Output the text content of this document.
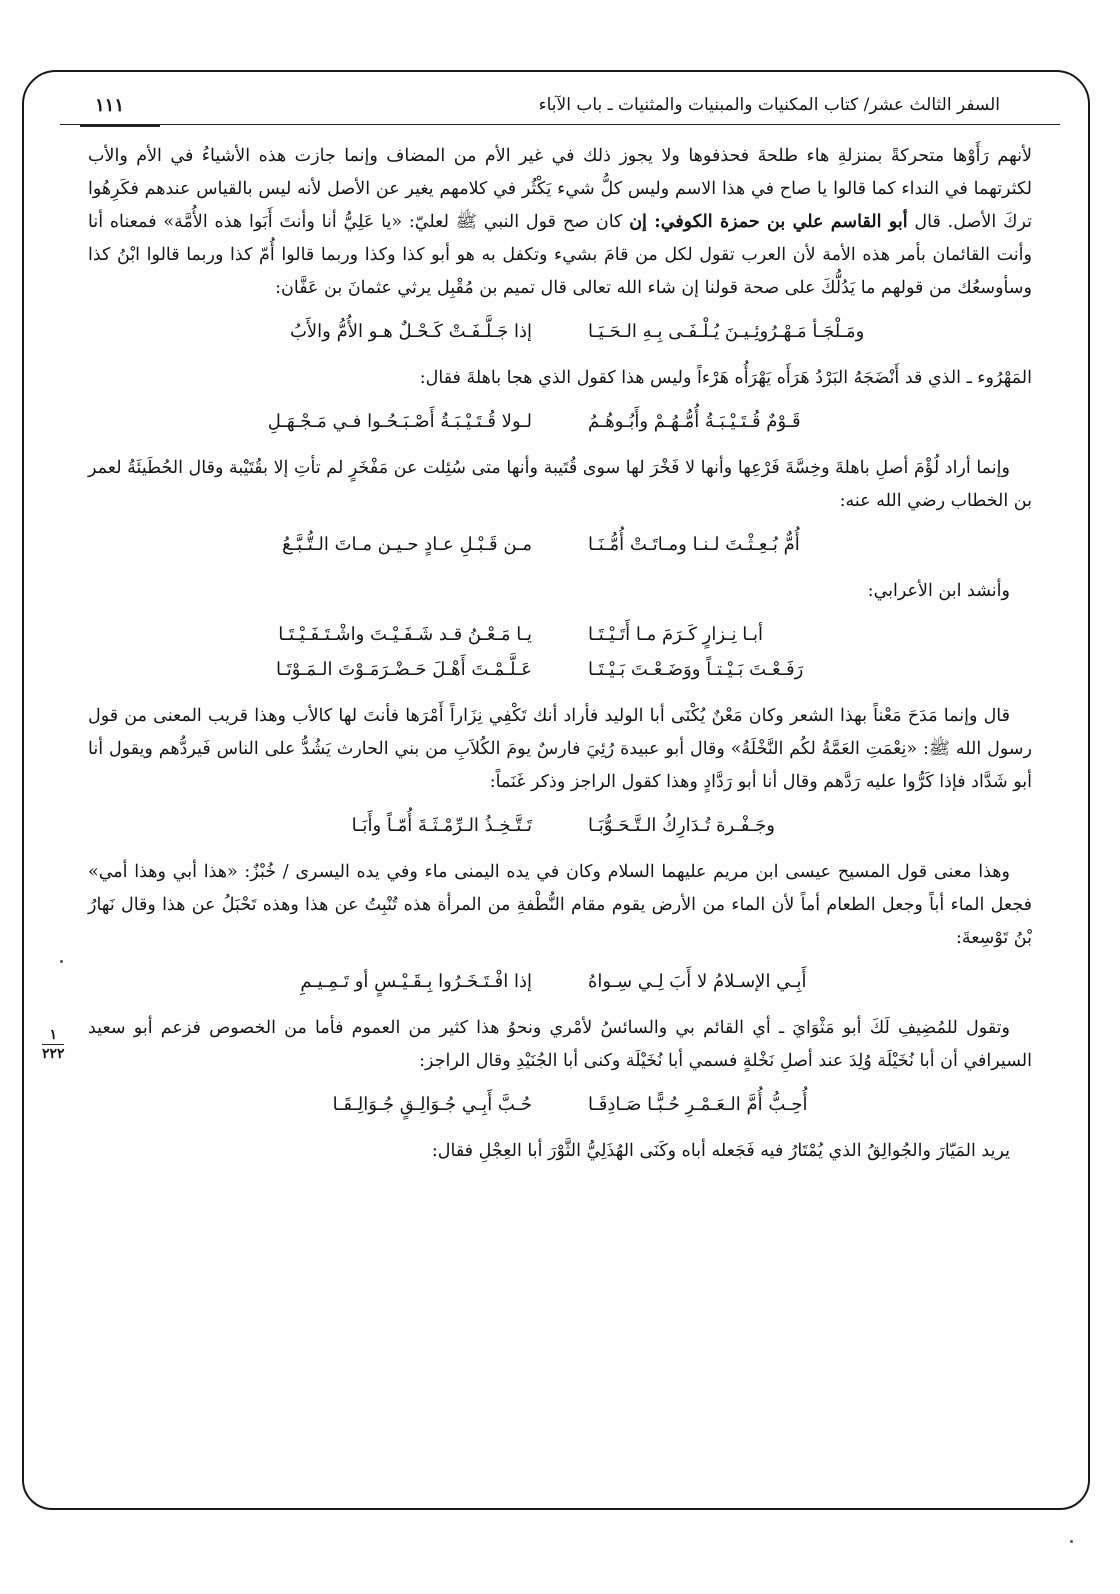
السفر الثالث عشر/ كتاب المكنيات والمبنيات والمثنيات ـ باب الآباء
١١١
١
٢٢٢

لأنهم رَأَوْها متحركةً بمنزلةِ هاء طلحةَ فحذفوها ولا يجوز ذلك في غير الأم من المضاف وإنما جازت هذه الأشياءُ في الأم والأب لكثرتهما في النداء كما قالوا يا صاح في هذا الاسم وليس كلُّ شيء يَكْثُر في كلامهم يغير عن الأصل لأنه ليس بالقياس عندهم فكَرِهُوا تركَ الأصل. قال أبو القاسم علي بن حمزة الكوفي: إن كان صح قول النبي ﷺ لعليّ: «يا عَلِيُّ أنا وأنتَ أَبَوا هذه الأُمَّة» فمعناه أنا وأنت القائمان بأمر هذه الأمة لأن العرب تقول لكل من قامَ بشيء وتكفل به هو أبو كذا وكذا وربما قالوا أُمّ كذا وربما قالوا ابْنُ كذا وسأوسعُك من قولهم ما يَدُلُّكَ على صحة قولنا إن شاء الله تعالى قال تميم بن مُقْبِل يرثي عثمانَ بن عَفَّان:

ومَـلْجَـأ مَـهْـرُوئِـيـنَ يُـلْـفَـى بِـهِ الـحَـيَـا
إذا جَـلَّـفَـتْ كَـحْـلٌ هـو الأُمُّ والأَبُ

المَهْرُوء ـ الذي قد أَنْضَجَهُ البَرْدُ هَرَأَه يَهْرَأُه هَرْءاً وليس هذا كقول الذي هجا باهلةَ فقال:

قَـوْمٌ قُـتَـيْـبَـةُ أُمُّـهُـمْ وأَبُـوهُـمُ
لـولا قُـتَـيْـبَـةُ أَصْـبَـحُـوا فـي مَـجْـهَـلِ

وإنما أراد لُؤْمَ أصلِ باهلةَ وخِسَّةَ فَرْعِها وأنها لا فَخْرَ لها سوى قُتَيبة وأنها متى سُئِلت عن مَفْخَرٍ لم تأتِ إلا بقُتَيْبة وقال الحُطَيئَةُ لعمر بن الخطاب رضي الله عنه:

أُمٌّ بُـعِـثْـتَ لـنـا ومـاتَـتْ أُمُّـنَـا
مـن قَـبْـلِ عـادٍ حـيـن مـاتَ الـتُّـبَّـعُ

وأنشد ابن الأعرابي:

أبـا نِـزارٍ كَـرَمَ مـا أَتَـيْـتَـا
يـا مَـعْـنُ قـد شَـفَـيْـتَ واشْـتَـفَـيْـتَـا
رَفَـعْـتَ بَـيْـتـاً ووَضَـعْـتَ بَـيْـتَـا
عَـلَّـمْـتَ أَهْـلَ حَـضْـرَمَـوْتَ الـمَـوْتَـا

قال وإنما مَدَحَ مَعْناً بهذا الشعر وكان مَعْنٌ يُكْنَى أبا الوليد فأراد أنك تَكْفِي نِزَاراً أَمْرَها فأنتَ لها كالأب وهذا قريب المعنى من قول رسول الله ﷺ: «نِعْمَتِ العَمَّةُ لكُم النَّخْلَةُ» وقال أبو عبيدة رُئِيَ فارسٌ يومَ الكُلاَبِ من بني الحارث يَشُدُّ على الناس فَيردُّهم ويقول أنا أبو شَدَّاد فإذا كَرُّوا عليه رَدَّهم وقال أنا أبو رَدَّادٍ وهذا كقول الراجز وذكر غَنَماً:

وجَـفْـرة تُـدَارِكُ الـتَّـحَـوُّبَـا
تَـتَّـخِـذُ الـرِّمْـثَـةَ أُمّـاً وأَبَـا

وهذا معنى قول المسيح عيسى ابن مريم عليهما السلام وكان في يده اليمنى ماء وفي يده اليسرى / خُبْزٌ: «هذا أبي وهذا أمي» فجعل الماء أباً وجعل الطعام أماً لأن الماء من الأرض يقوم مقام النُّطْفةِ من المرأة هذه تُنْبِتُ عن هذا وهذه تَحْبَلُ عن هذا وقال نَهارُ بْنُ تَوْسِعةَ:

أَبِـي الإسـلامُ لا أَبَ لِـي سِـواهُ
إذا افْـتَـخَـرُوا بِـقَـيْـسٍ أو تَـمِـيـمِ

وتقول للمُضِيفِ لَكَ أبو مَثْوَايَ ـ أي القائم بي والسائسُ لأمْري ونحوُ هذا كثير من العموم فأما من الخصوص فزعم أبو سعيد السيرافي أن أبا نُخَيْلَة وُلِدَ عند أصلِ نَخْلةٍ فسمي أبا نُخَيْلَة وكنى أبا الجُنَيْدِ وقال الراجز:

أُحِـبُّ أُمَّ الـعَـمْـرِ حُـبًّـا صَـادِقَـا
حُـبَّ أَبِـي جُـوَالِـقٍ جُـوَالِـقَـا

يريد المَيّارَ والجُوالِقُ الذي يُمْتَارُ فيه فَجَعله أباه وكَنَى الهُذَلِيُّ الثَّوْرَ أبا العِجْلِ فقال:
